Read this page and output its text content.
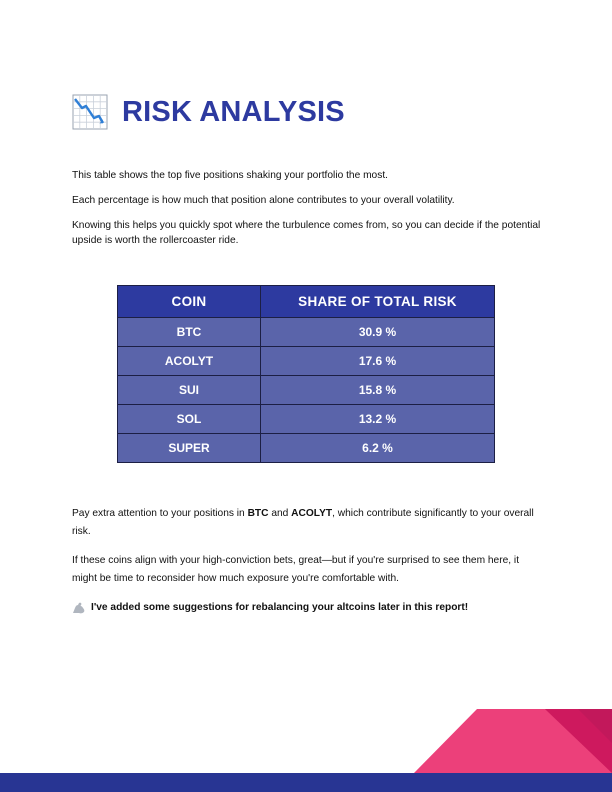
RISK ANALYSIS

This table shows the top five positions shaking your portfolio the most.

Each percentage is how much that position alone contributes to your overall volatility.

Knowing this helps you quickly spot where the turbulence comes from, so you can decide if the potential upside is worth the rollercoaster ride.

COIN	SHARE OF TOTAL RISK
BTC	30.9 %
ACOLYT	17.6 %
SUI	15.8 %
SOL	13.2 %
SUPER	6.2 %

Pay extra attention to your positions in BTC and ACOLYT, which contribute significantly to your overall risk.

If these coins align with your high-conviction bets, great—but if you're surprised to see them here, it might be time to reconsider how much exposure you're comfortable with.

I've added some suggestions for rebalancing your altcoins later in this report!
